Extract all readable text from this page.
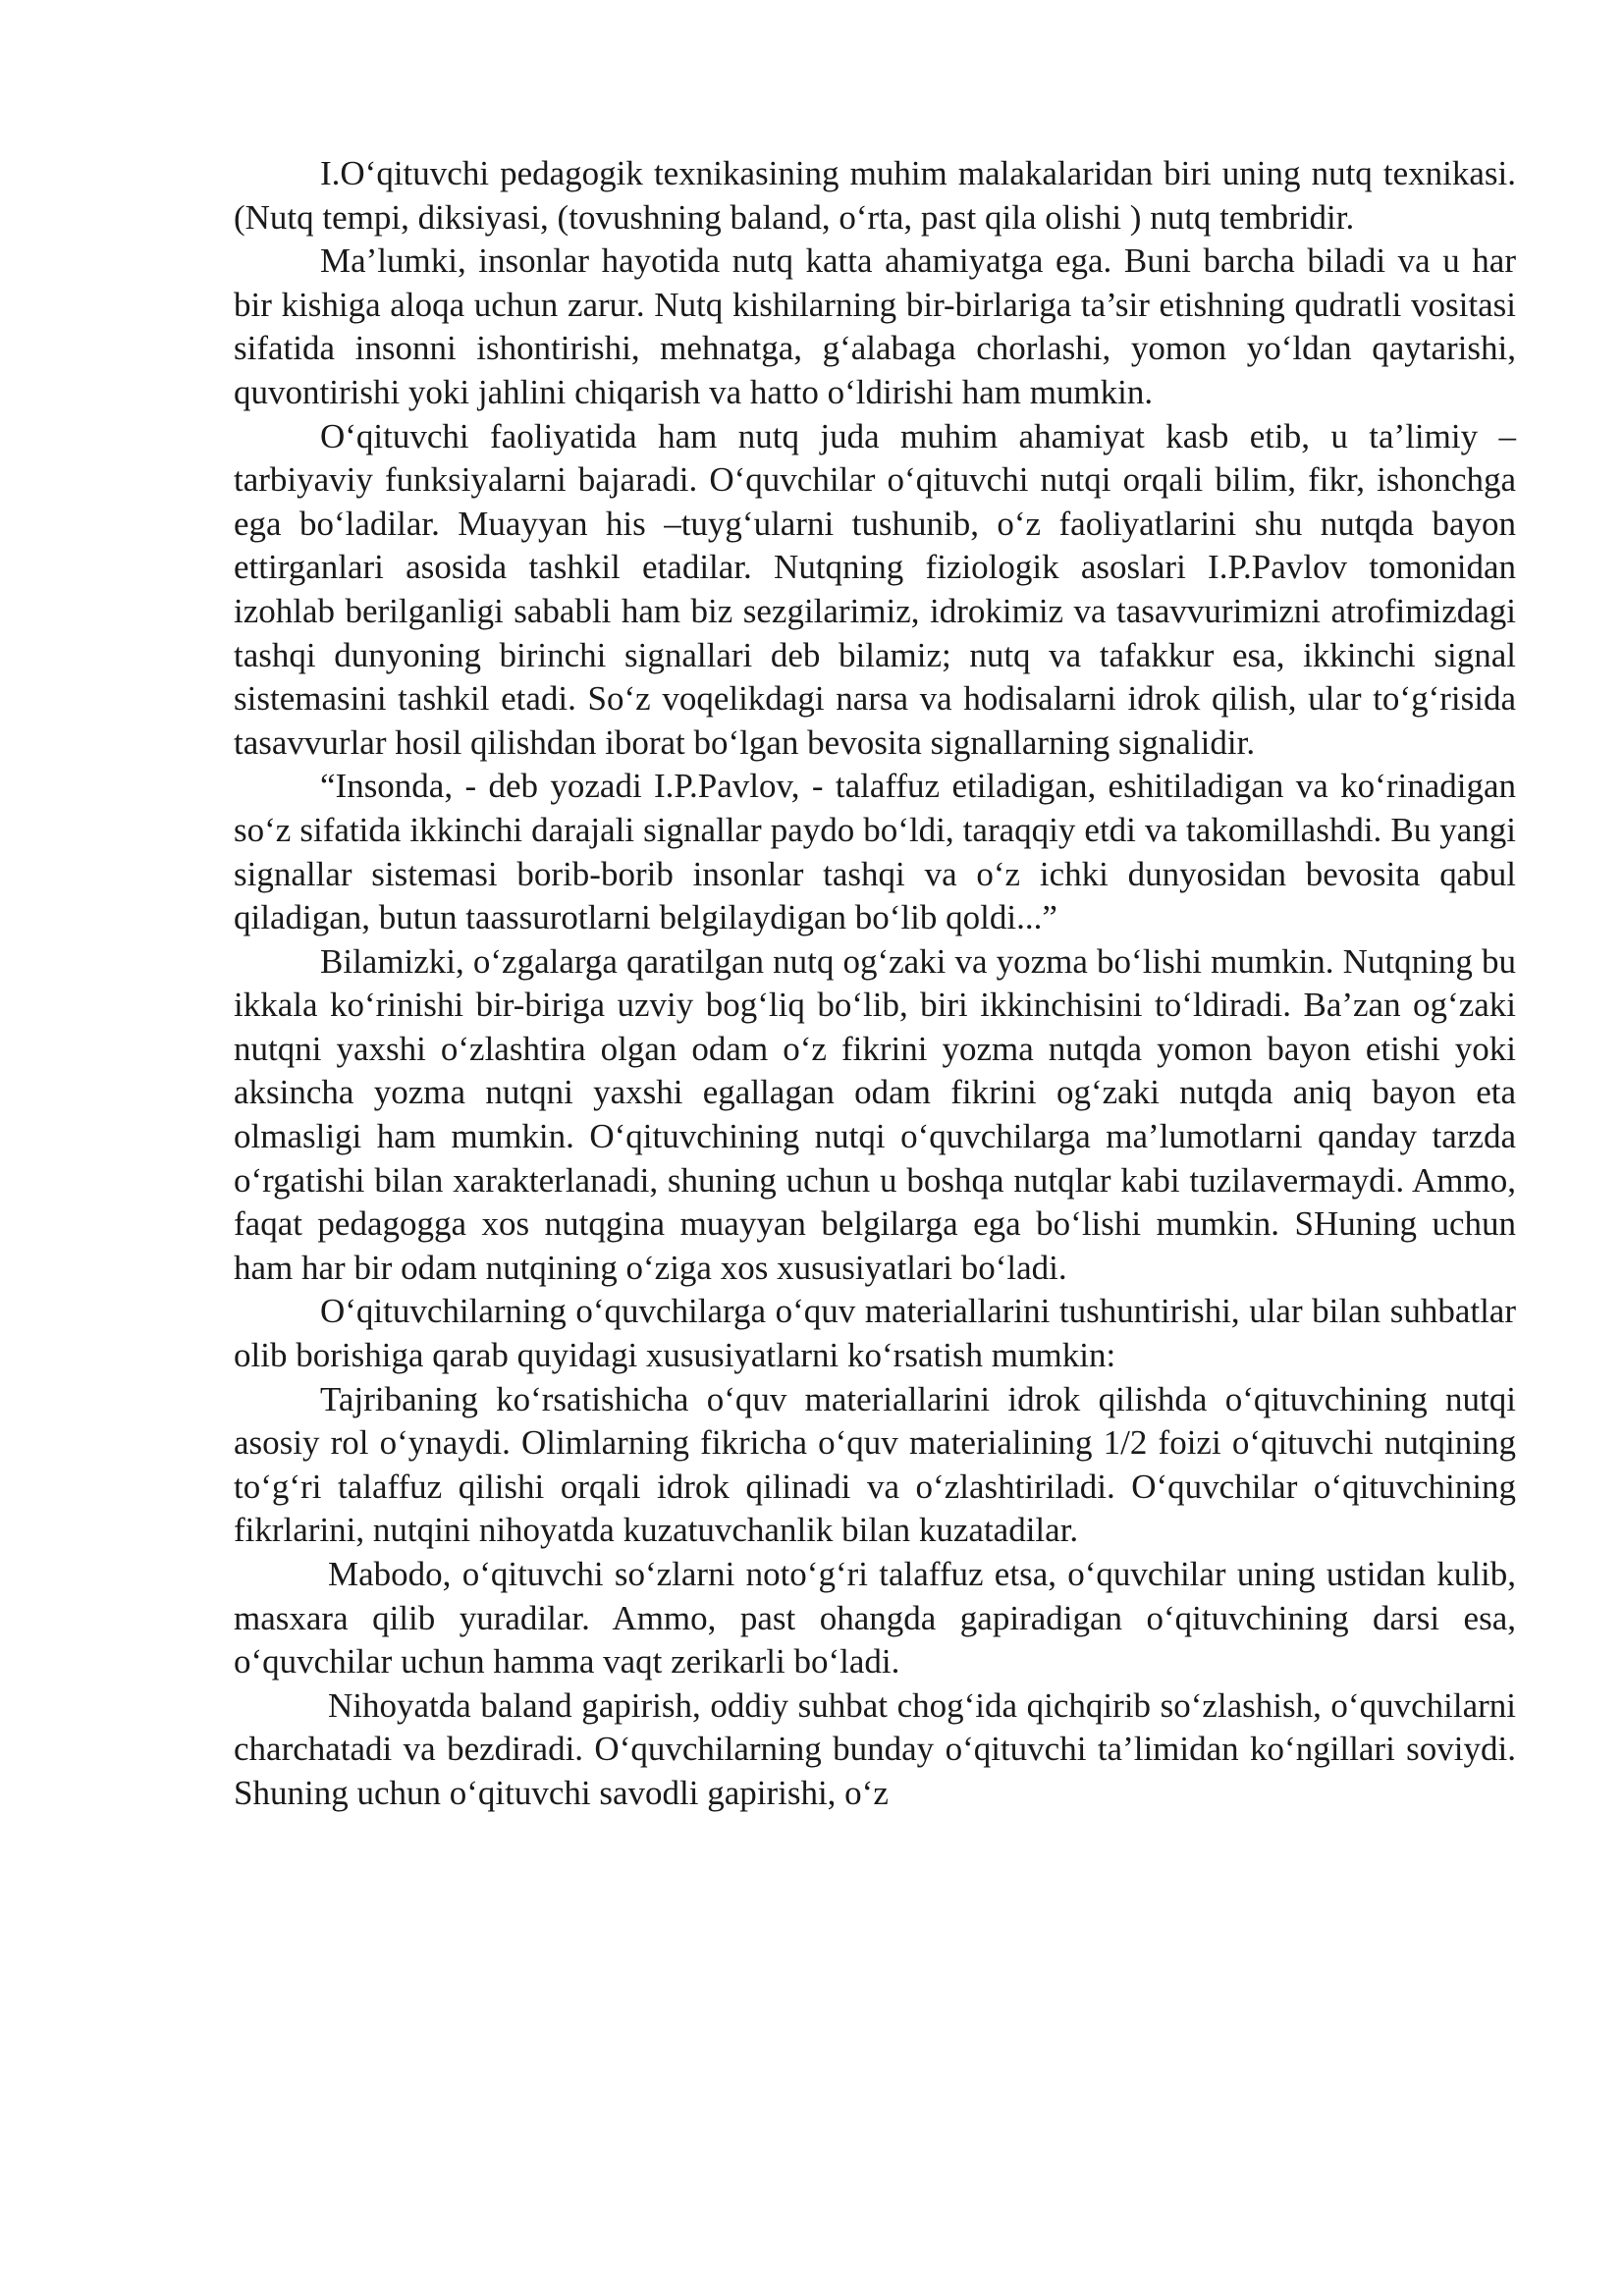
I.O‘qituvchi pedagogik texnikasining muhim malakalaridan biri uning nutq texnikasi. (Nutq tempi, diksiyasi, (tovushning baland, o‘rta, past qila olishi ) nutq tembridir.

Ma’lumki, insonlar hayotida nutq katta ahamiyatga ega. Buni barcha biladi va u har bir kishiga aloqa uchun zarur. Nutq kishilarning bir-birlariga ta’sir etishning qudratli vositasi sifatida insonni ishontirishi, mehnatga, g‘alabaga chorlashi, yomon yo‘ldan qaytarishi, quvontirishi yoki jahlini chiqarish va hatto o‘ldirishi ham mumkin.

O‘qituvchi faoliyatida ham nutq juda muhim ahamiyat kasb etib, u ta’limiy – tarbiyaviy funksiyalarni bajaradi. O‘quvchilar o‘qituvchi nutqi orqali bilim, fikr, ishonchga ega bo‘ladilar. Muayyan his –tuyg‘ularni tushunib, o‘z faoliyatlarini shu nutqda bayon ettirganlari asosida tashkil etadilar. Nutqning fiziologik asoslari I.P.Pavlov tomonidan izohlab berilganligi sababli ham biz sezgilarimiz, idrokimiz va tasavvurimizni atrofimizdagi tashqi dunyoning birinchi signallari deb bilamiz; nutq va tafakkur esa, ikkinchi signal sistemasini tashkil etadi. So‘z voqelikdagi narsa va hodisalarni idrok qilish, ular to‘g‘risida tasavvurlar hosil qilishdan iborat bo‘lgan bevosita signallarning signalidir.

“Insonda, - deb yozadi I.P.Pavlov, - talaffuz etiladigan, eshitiladigan va ko‘rinadigan so‘z sifatida ikkinchi darajali signallar paydo bo‘ldi, taraqqiy etdi va takomillashdi. Bu yangi signallar sistemasi borib-borib insonlar tashqi va o‘z ichki dunyosidan bevosita qabul qiladigan, butun taassurotlarni belgilaydigan bo‘lib qoldi...”

Bilamizki, o‘zgalarga qaratilgan nutq og‘zaki va yozma bo‘lishi mumkin. Nutqning bu ikkala ko‘rinishi bir-biriga uzviy bog‘liq bo‘lib, biri ikkinchisini to‘ldiradi. Ba’zan og‘zaki nutqni yaxshi o‘zlashtira olgan odam o‘z fikrini yozma nutqda yomon bayon etishi yoki aksincha yozma nutqni yaxshi egallagan odam fikrini og‘zaki nutqda aniq bayon eta olmasligi ham mumkin. O‘qituvchining nutqi o‘quvchilarga ma’lumotlarni qanday tarzda o‘rgatishi bilan xarakterlanadi, shuning uchun u boshqa nutqlar kabi tuzilavermaydi. Ammo, faqat pedagogga xos nutqgina muayyan belgilarga ega bo‘lishi mumkin. SHuning uchun ham har bir odam nutqining o‘ziga xos xususiyatlari bo‘ladi.

O‘qituvchilarning o‘quvchilarga o‘quv materiallarini tushuntirishi, ular bilan suhbatlar olib borishiga qarab quyidagi xususiyatlarni ko‘rsatish mumkin:

Tajribaning ko‘rsatishicha o‘quv materiallarini idrok qilishda o‘qituvchining nutqi asosiy rol o‘ynaydi. Olimlarning fikricha o‘quv materialining 1/2 foizi o‘qituvchi nutqining to‘g‘ri talaffuz qilishi orqali idrok qilinadi va o‘zlashtiriladi. O‘quvchilar o‘qituvchining fikrlarini, nutqini nihoyatda kuzatuvchanlik bilan kuzatadilar.

Mabodo, o‘qituvchi so‘zlarni noto‘g‘ri talaffuz etsa, o‘quvchilar uning ustidan kulib, masxara qilib yuradilar. Ammo, past ohangda gapiradigan o‘qituvchining darsi esa, o‘quvchilar uchun hamma vaqt zerikarli bo‘ladi.

Nihoyatda baland gapirish, oddiy suhbat chog‘ida qichqirib so‘zlashish, o‘quvchilarni charchatadi va bezdiradi. O‘quvchilarning bunday o‘qituvchi ta’limidan ko‘ngillari soviydi. Shuning uchun o‘qituvchi savodli gapirishi, o‘z
